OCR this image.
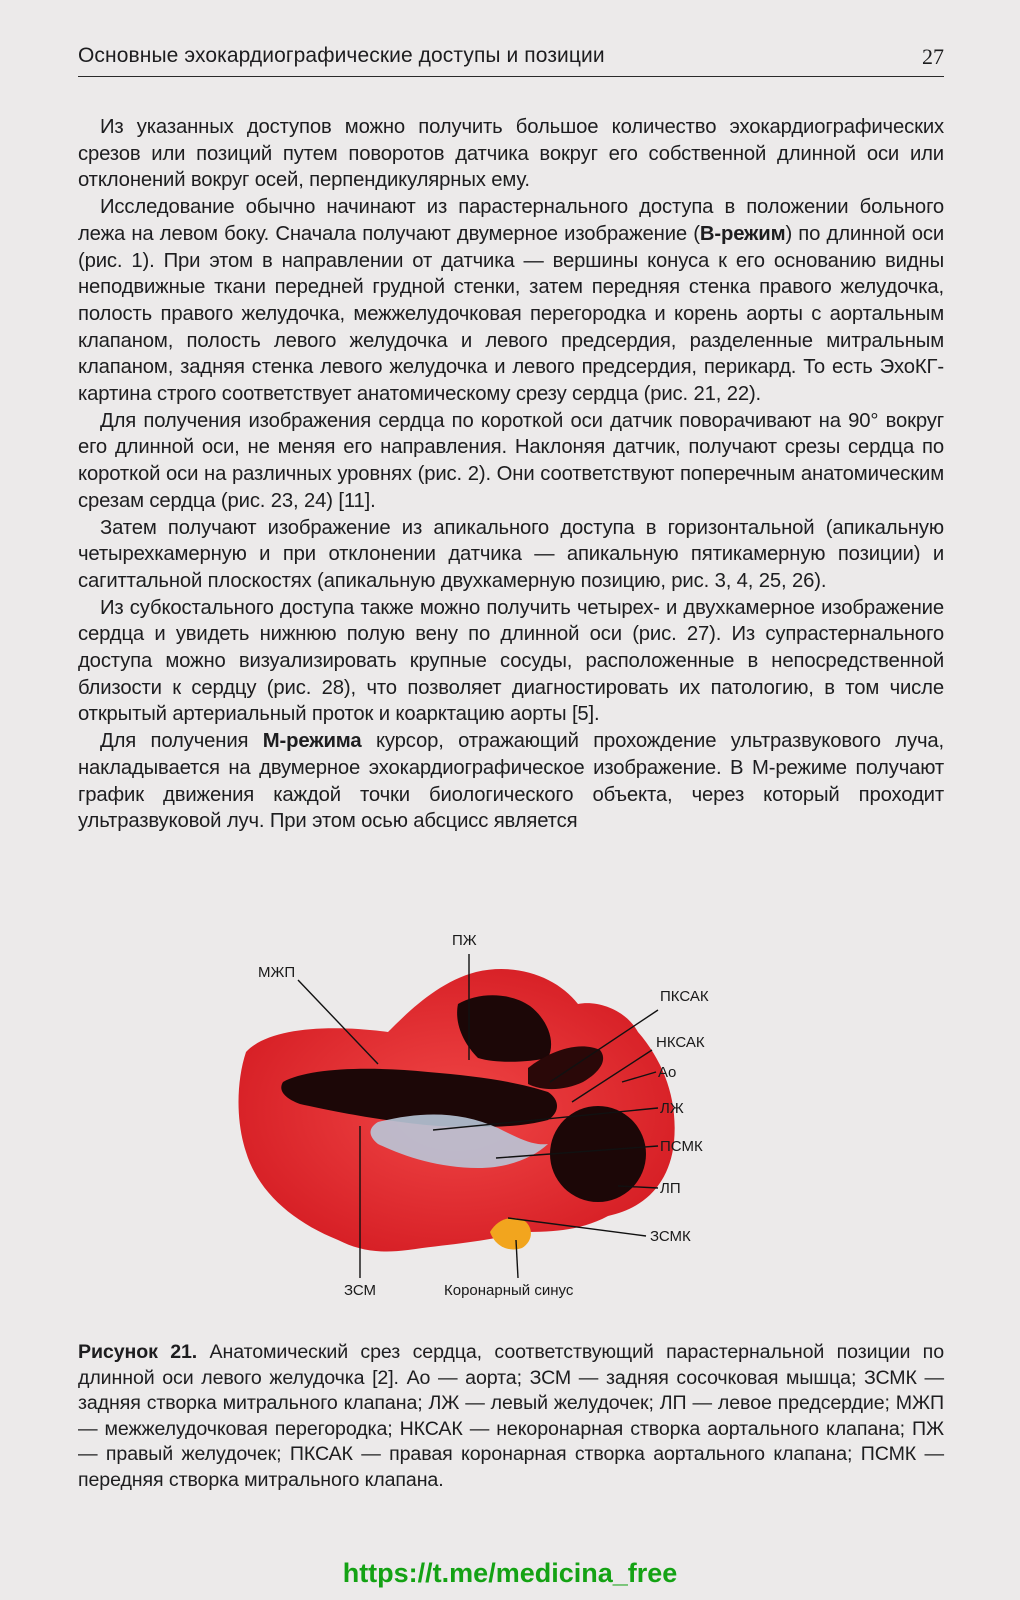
Основные эхокардиографические доступы и позиции	27

Из указанных доступов можно получить большое количество эхокардиографических срезов или позиций путем поворотов датчика вокруг его собственной длинной оси или отклонений вокруг осей, перпендикулярных ему.

Исследование обычно начинают из парастернального доступа в положении больного лежа на левом боку. Сначала получают двумерное изображение (В-режим) по длинной оси (рис. 1). При этом в направлении от датчика — вершины конуса к его основанию видны неподвижные ткани передней грудной стенки, затем передняя стенка правого желудочка, полость правого желудочка, межжелудочковая перегородка и корень аорты с аортальным клапаном, полость левого желудочка и левого предсердия, разделенные митральным клапаном, задняя стенка левого желудочка и левого предсердия, перикард. То есть ЭхоКГ-картина строго соответствует анатомическому срезу сердца (рис. 21, 22).

Для получения изображения сердца по короткой оси датчик поворачивают на 90° вокруг его длинной оси, не меняя его направления. Наклоняя датчик, получают срезы сердца по короткой оси на различных уровнях (рис. 2). Они соответствуют поперечным анатомическим срезам сердца (рис. 23, 24) [11].

Затем получают изображение из апикального доступа в горизонтальной (апикальную четырехкамерную и при отклонении датчика — апикальную пятикамерную позиции) и сагиттальной плоскостях (апикальную двухкамерную позицию, рис. 3, 4, 25, 26).

Из субкостального доступа также можно получить четырех- и двухкамерное изображение сердца и увидеть нижнюю полую вену по длинной оси (рис. 27). Из супрастернального доступа можно визуализировать крупные сосуды, расположенные в непосредственной близости к сердцу (рис. 28), что позволяет диагностировать их патологию, в том числе открытый артериальный проток и коарктацию аорты [5].

Для получения М-режима курсор, отражающий прохождение ультразвукового луча, накладывается на двумерное эхокардиографическое изображение. В М-режиме получают график движения каждой точки биологического объекта, через который проходит ультразвуковой луч. При этом осью абсцисс является

ПЖ
МЖП
ПКСАК
НКСАК
Ао
ЛЖ
ПСМК
ЛП
ЗСМК
ЗСМ	Коронарный синус
Рисунок 21. Анатомический срез сердца, соответствующий парастернальной позиции по длинной оси левого желудочка [2]. Ао — аорта; ЗСМ — задняя сосочковая мышца; ЗСМК — задняя створка митрального клапана; ЛЖ — левый желудочек; ЛП — левое предсердие; МЖП — межжелудочковая перегородка; НКСАК — некоронарная створка аортального клапана; ПЖ — правый желудочек; ПКСАК — правая коронарная створка аортального клапана; ПСМК — передняя створка митрального клапана.
https://t.me/medicina_free
